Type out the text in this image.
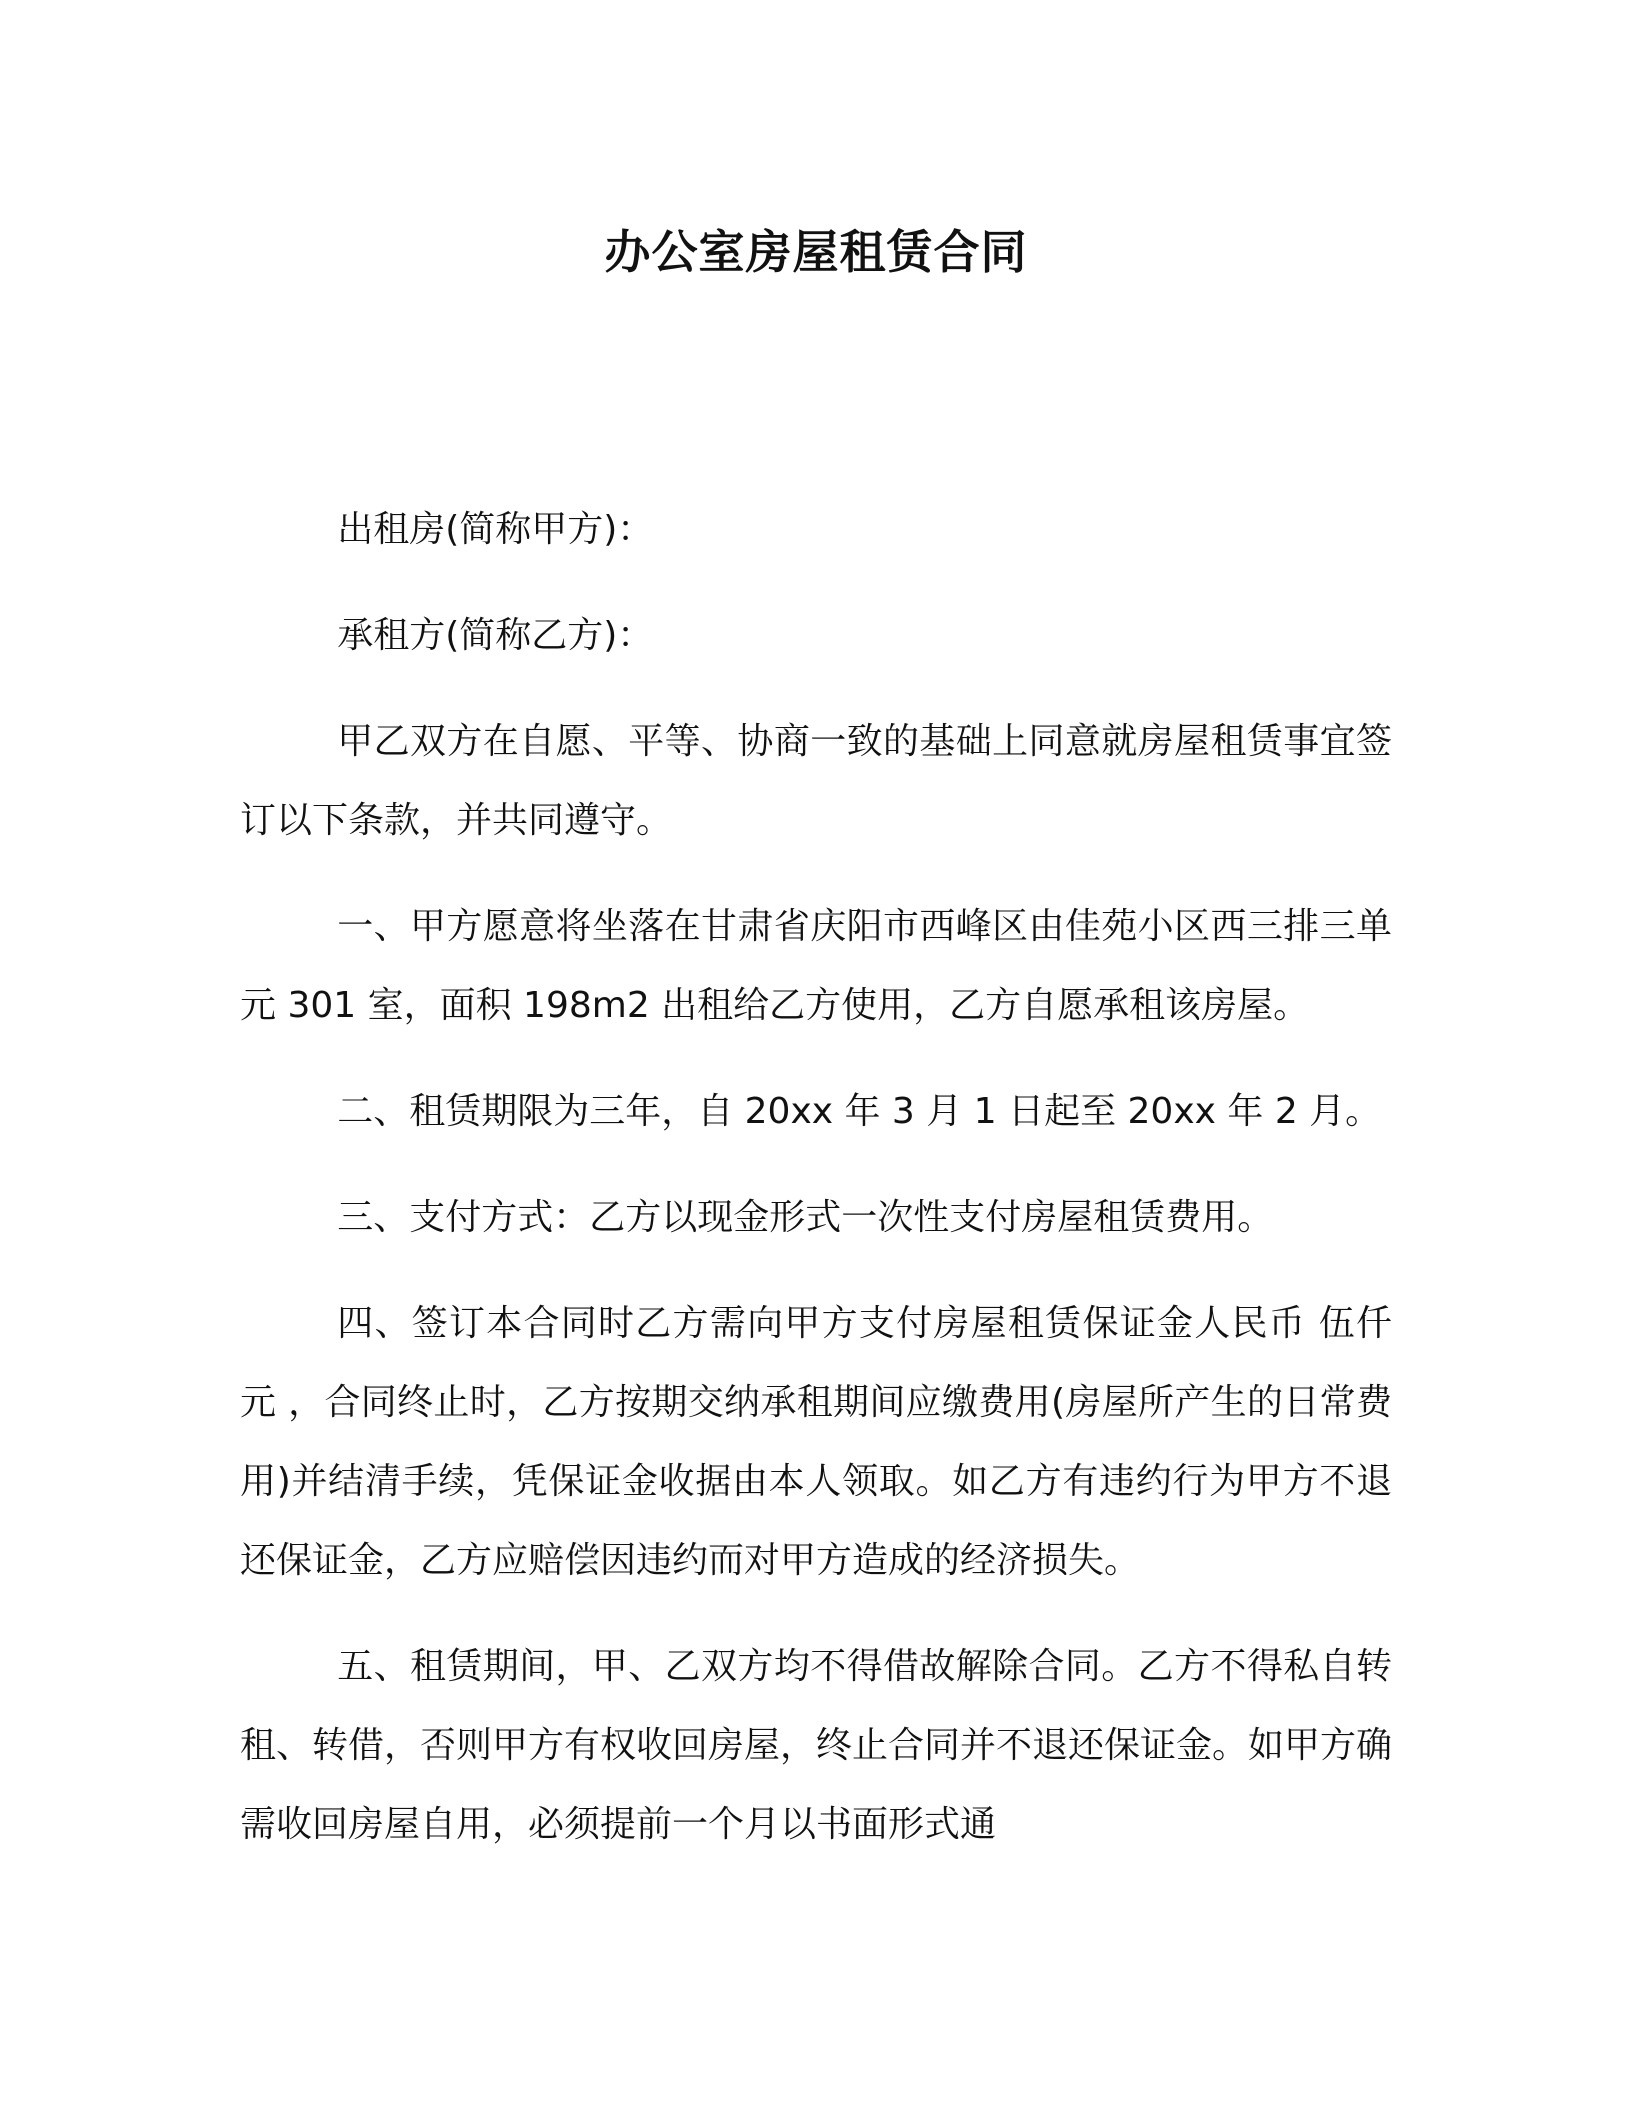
办公室房屋租赁合同

出租房(简称甲方)：

承租方(简称乙方)：

甲乙双方在自愿、平等、协商一致的基础上同意就房屋租赁事宜签订以下条款，并共同遵守。

一、甲方愿意将坐落在甘肃省庆阳市西峰区由佳苑小区西三排三单元 301 室，面积 198m2 出租给乙方使用，乙方自愿承租该房屋。

二、租赁期限为三年，自 20xx 年 3 月 1 日起至 20xx 年 2 月。

三、支付方式：乙方以现金形式一次性支付房屋租赁费用。

四、签订本合同时乙方需向甲方支付房屋租赁保证金人民币 伍仟元 ，合同终止时，乙方按期交纳承租期间应缴费用(房屋所产生的日常费用)并结清手续，凭保证金收据由本人领取。如乙方有违约行为甲方不退还保证金，乙方应赔偿因违约而对甲方造成的经济损失。

五、租赁期间，甲、乙双方均不得借故解除合同。乙方不得私自转租、转借，否则甲方有权收回房屋，终止合同并不退还保证金。如甲方确需收回房屋自用，必须提前一个月以书面形式通
